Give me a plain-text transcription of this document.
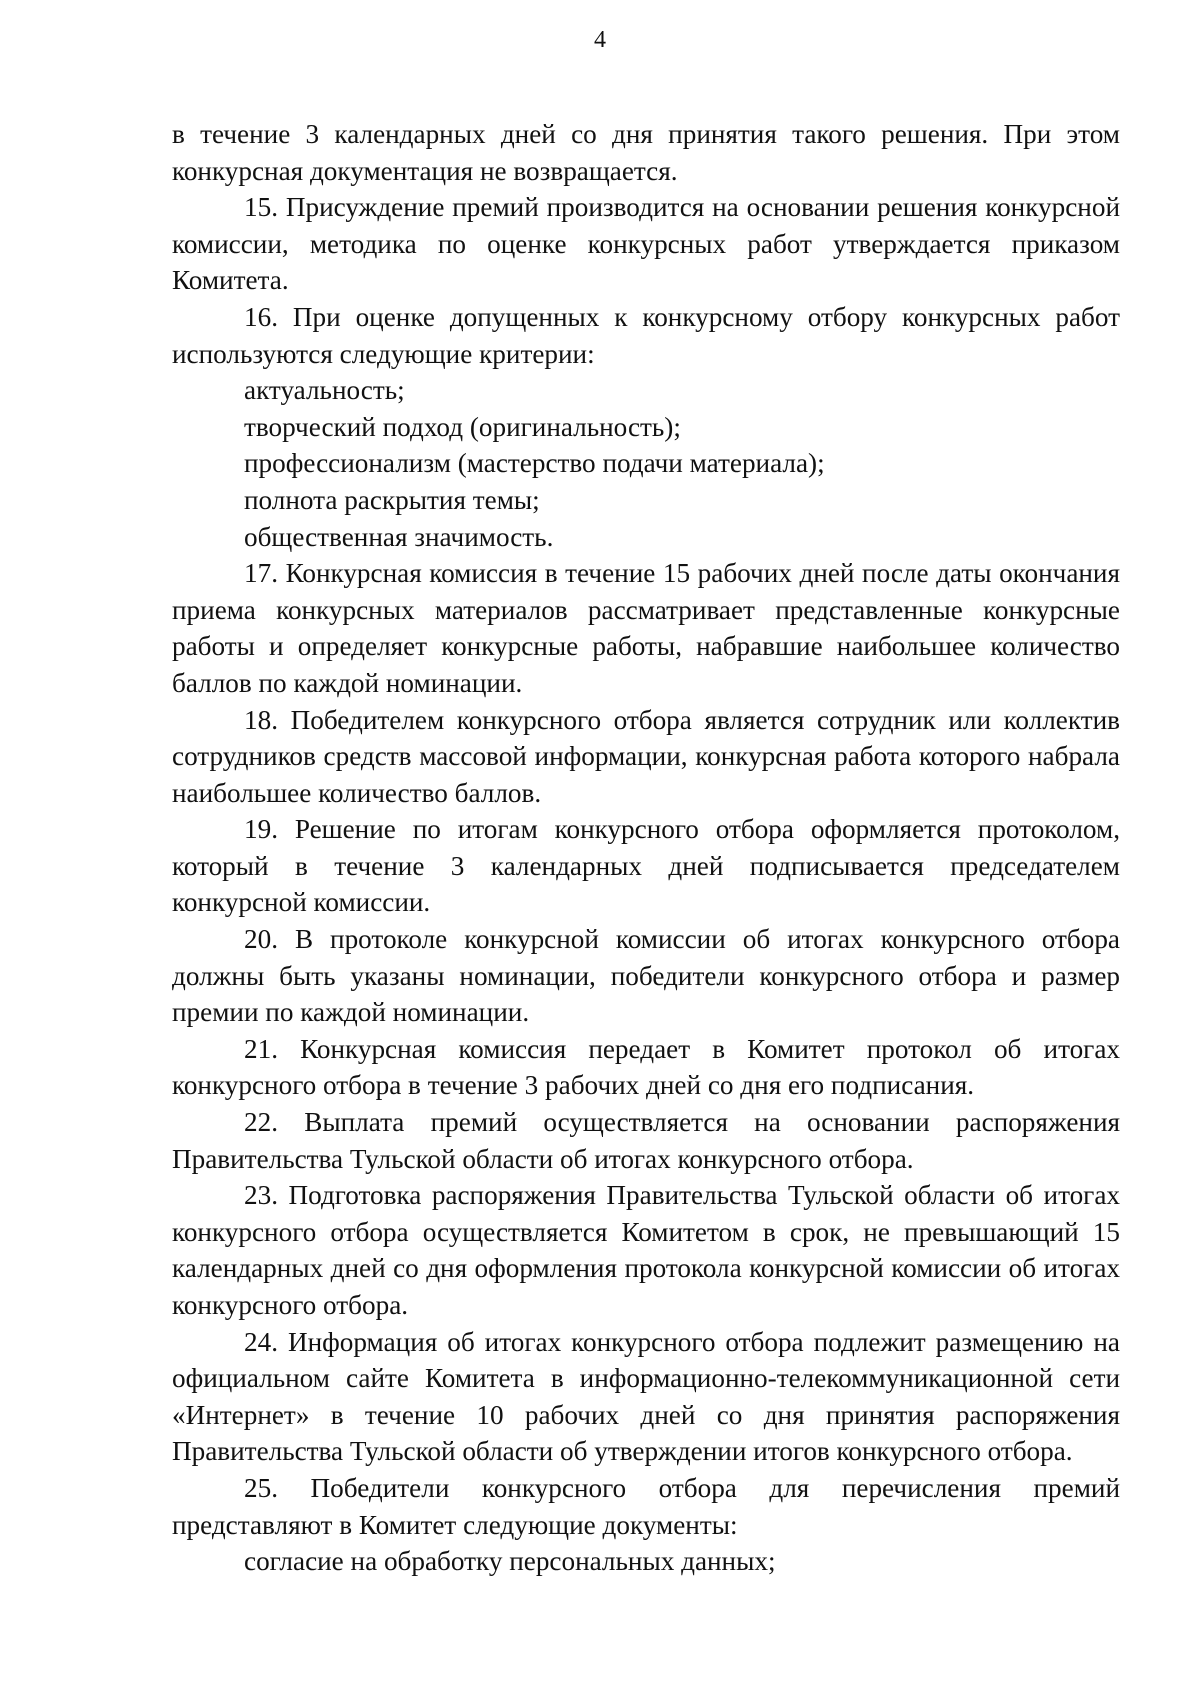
4

в течение 3 календарных дней со дня принятия такого решения. При этом конкурсная документация не возвращается.

15. Присуждение премий производится на основании решения конкурсной комиссии, методика по оценке конкурсных работ утверждается приказом Комитета.

16. При оценке допущенных к конкурсному отбору конкурсных работ используются следующие критерии:

актуальность;

творческий подход (оригинальность);

профессионализм (мастерство подачи материала);

полнота раскрытия темы;

общественная значимость.

17. Конкурсная комиссия в течение 15 рабочих дней после даты окончания приема конкурсных материалов рассматривает представленные конкурсные работы и определяет конкурсные работы, набравшие наибольшее количество баллов по каждой номинации.

18. Победителем конкурсного отбора является сотрудник или коллектив сотрудников средств массовой информации, конкурсная работа которого набрала наибольшее количество баллов.

19. Решение по итогам конкурсного отбора оформляется протоколом, который в течение 3 календарных дней подписывается председателем конкурсной комиссии.

20. В протоколе конкурсной комиссии об итогах конкурсного отбора должны быть указаны номинации, победители конкурсного отбора и размер премии по каждой номинации.

21. Конкурсная комиссия передает в Комитет протокол об итогах конкурсного отбора в течение 3 рабочих дней со дня его подписания.

22. Выплата премий осуществляется на основании распоряжения Правительства Тульской области об итогах конкурсного отбора.

23. Подготовка распоряжения Правительства Тульской области об итогах конкурсного отбора осуществляется Комитетом в срок, не превышающий 15 календарных дней со дня оформления протокола конкурсной комиссии об итогах конкурсного отбора.

24. Информация об итогах конкурсного отбора подлежит размещению на официальном сайте Комитета в информационно-телекоммуникационной сети «Интернет» в течение 10 рабочих дней со дня принятия распоряжения Правительства Тульской области об утверждении итогов конкурсного отбора.

25. Победители конкурсного отбора для перечисления премий представляют в Комитет следующие документы:

согласие на обработку персональных данных;
